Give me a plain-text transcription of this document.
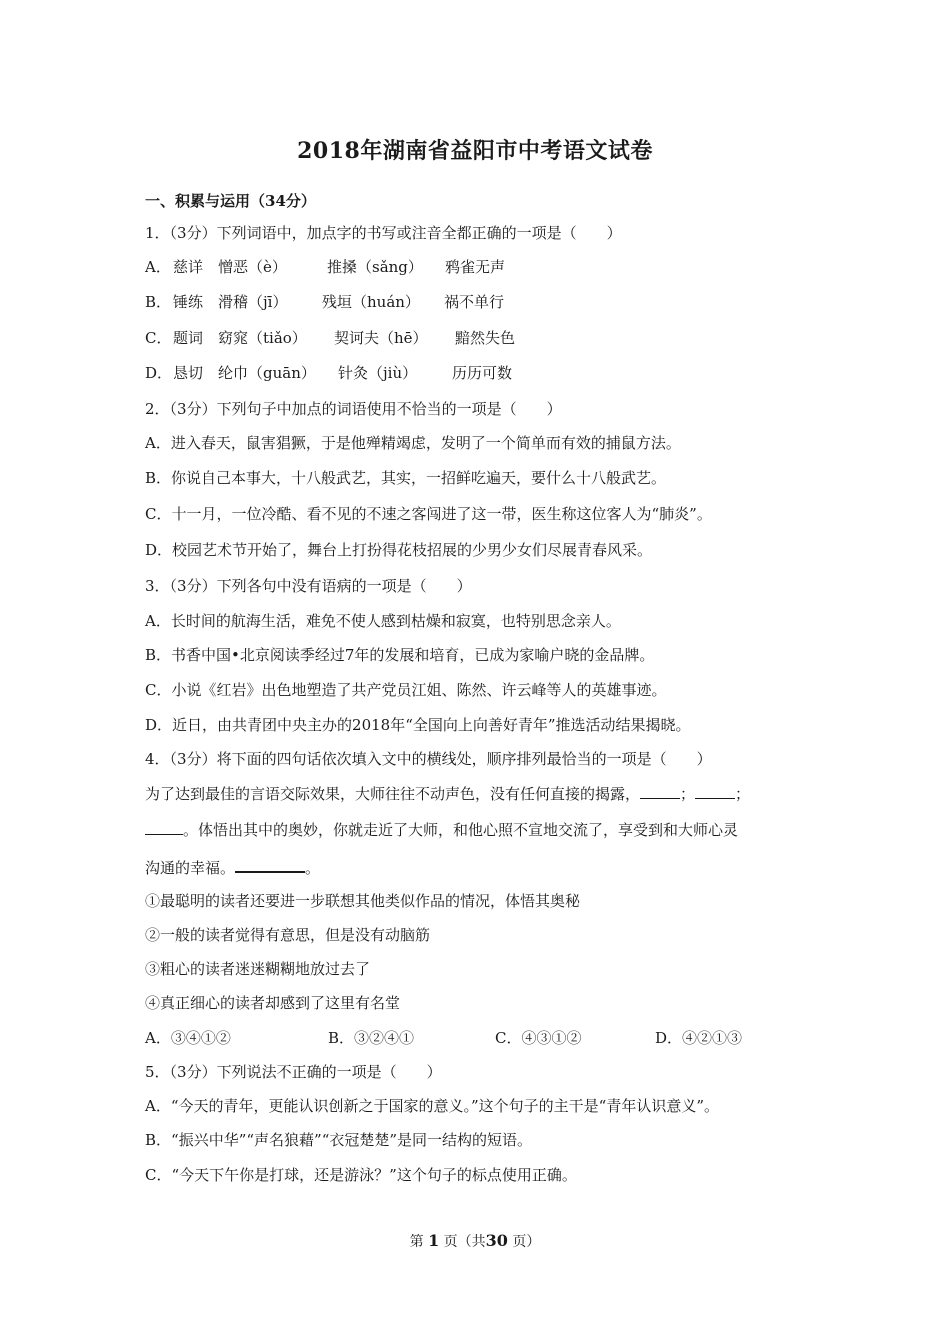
2018年湖南省益阳市中考语文试卷
一、积累与运用（34分）
1．（3分）下列词语中，加点字的书写或注音全都正确的一项是（　　）
A． 慈详　憎恶（è）	推搡（sǎng） 鸦雀无声
B． 锤练　滑稽（jī） 残垣（huán） 祸不单行
C． 题词　窈窕（tiǎo） 契诃夫（hē） 黯然失色
D． 恳切　纶巾（guān） 针灸（jiù） 历历可数
2．（3分）下列句子中加点的词语使用不恰当的一项是（　　）
A．进入春天，鼠害猖獗，于是他殚精竭虑，发明了一个简单而有效的捕鼠方法。
B．你说自己本事大，十八般武艺，其实，一招鲜吃遍天，要什么十八般武艺。
C．十一月，一位冷酷、看不见的不速之客闯进了这一带，医生称这位客人为“肺炎”。
D．校园艺术节开始了，舞台上打扮得花枝招展的少男少女们尽展青春风采。
3．（3分）下列各句中没有语病的一项是（　　）
A．长时间的航海生活，难免不使人感到枯燥和寂寞，也特别思念亲人。
B．书香中国•北京阅读季经过7年的发展和培育，已成为家喻户晓的金品牌。
C．小说《红岩》出色地塑造了共产党员江姐、陈然、许云峰等人的英雄事迹。
D．近日，由共青团中央主办的2018年“全国向上向善好青年”推选活动结果揭晓。
4．（3分）将下面的四句话依次填入文中的横线处，顺序排列最恰当的一项是（　　）
为了达到最佳的言语交际效果，大师往往不动声色，没有任何直接的揭露，	；	；
。体悟出其中的奥妙，你就走近了大师，和他心照不宣地交流了，享受到和大师心灵
沟通的幸福。	。
①最聪明的读者还要进一步联想其他类似作品的情况，体悟其奥秘
②一般的读者觉得有意思，但是没有动脑筋
③粗心的读者迷迷糊糊地放过去了
④真正细心的读者却感到了这里有名堂
A．③④①②	B．③②④①	C．④③①②	D．④②①③
5．（3分）下列说法不正确的一项是（　　）
A．“今天的青年，更能认识创新之于国家的意义。”这个句子的主干是“青年认识意义”。
B．“振兴中华”“声名狼藉”“衣冠楚楚”是同一结构的短语。
C．“今天下午你是打球，还是游泳？”这个句子的标点使用正确。
第 1 页（共30 页）
